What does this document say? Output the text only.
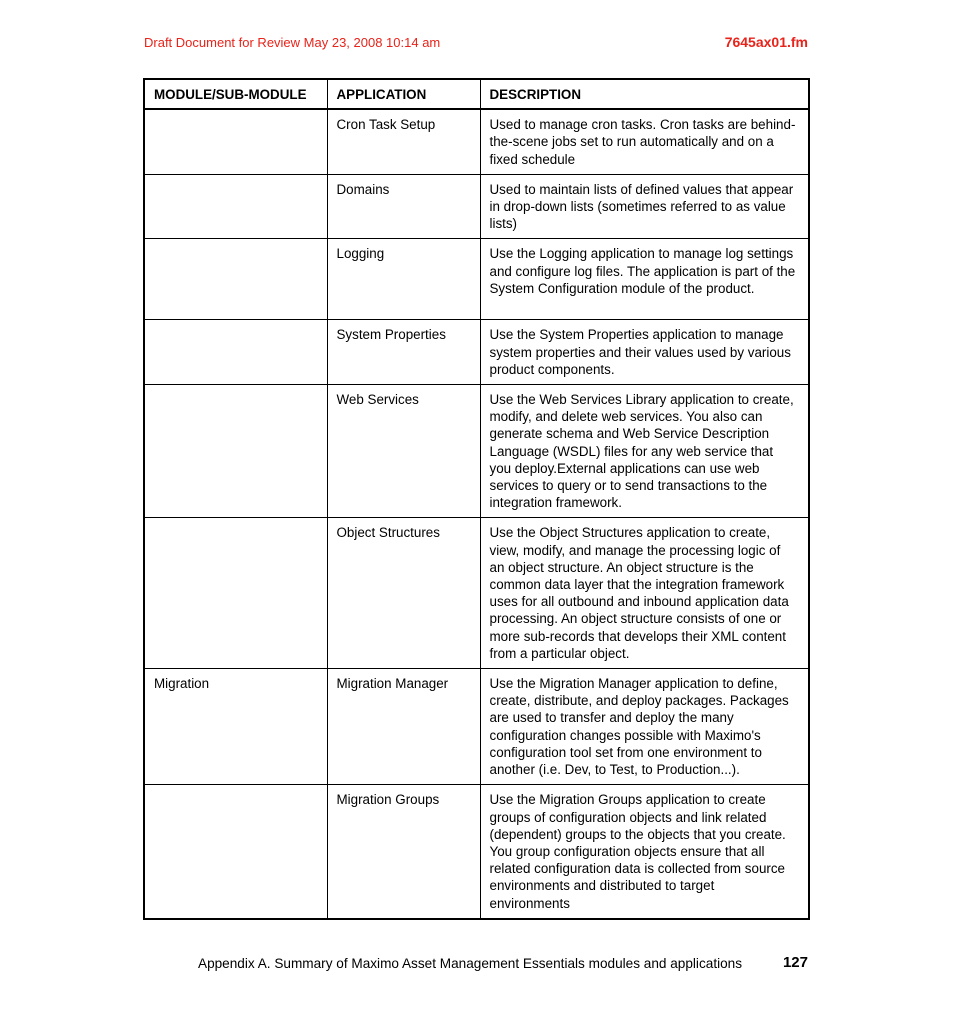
Draft Document for Review May 23, 2008 10:14 am	7645ax01.fm
MODULE/SUB-MODULE	APPLICATION	DESCRIPTION
	Cron Task Setup	Used to manage cron tasks. Cron tasks are behind-the-scene jobs set to run automatically and on a fixed schedule
	Domains	Used to maintain lists of defined values that appear in drop-down lists (sometimes referred to as value lists)
	Logging	Use the Logging application to manage log settings and configure log files. The application is part of the System Configuration module of the product.
	System Properties	Use the System Properties application to manage system properties and their values used by various product components.
	Web Services	Use the Web Services Library application to create, modify, and delete web services. You also can generate schema and Web Service Description Language (WSDL) files for any web service that you deploy.External applications can use web services to query or to send transactions to the integration framework.
	Object Structures	Use the Object Structures application to create, view, modify, and manage the processing logic of an object structure. An object structure is the common data layer that the integration framework uses for all outbound and inbound application data processing. An object structure consists of one or more sub-records that develops their XML content from a particular object.
Migration	Migration Manager	Use the Migration Manager application to define, create, distribute, and deploy packages. Packages are used to transfer and deploy the many configuration changes possible with Maximo's configuration tool set from one environment to another (i.e. Dev, to Test, to Production...).
	Migration Groups	Use the Migration Groups application to create groups of configuration objects and link related (dependent) groups to the objects that you create. You group configuration objects ensure that all related configuration data is collected from source environments and distributed to target environments
Appendix A. Summary of Maximo Asset Management Essentials modules and applications	127
